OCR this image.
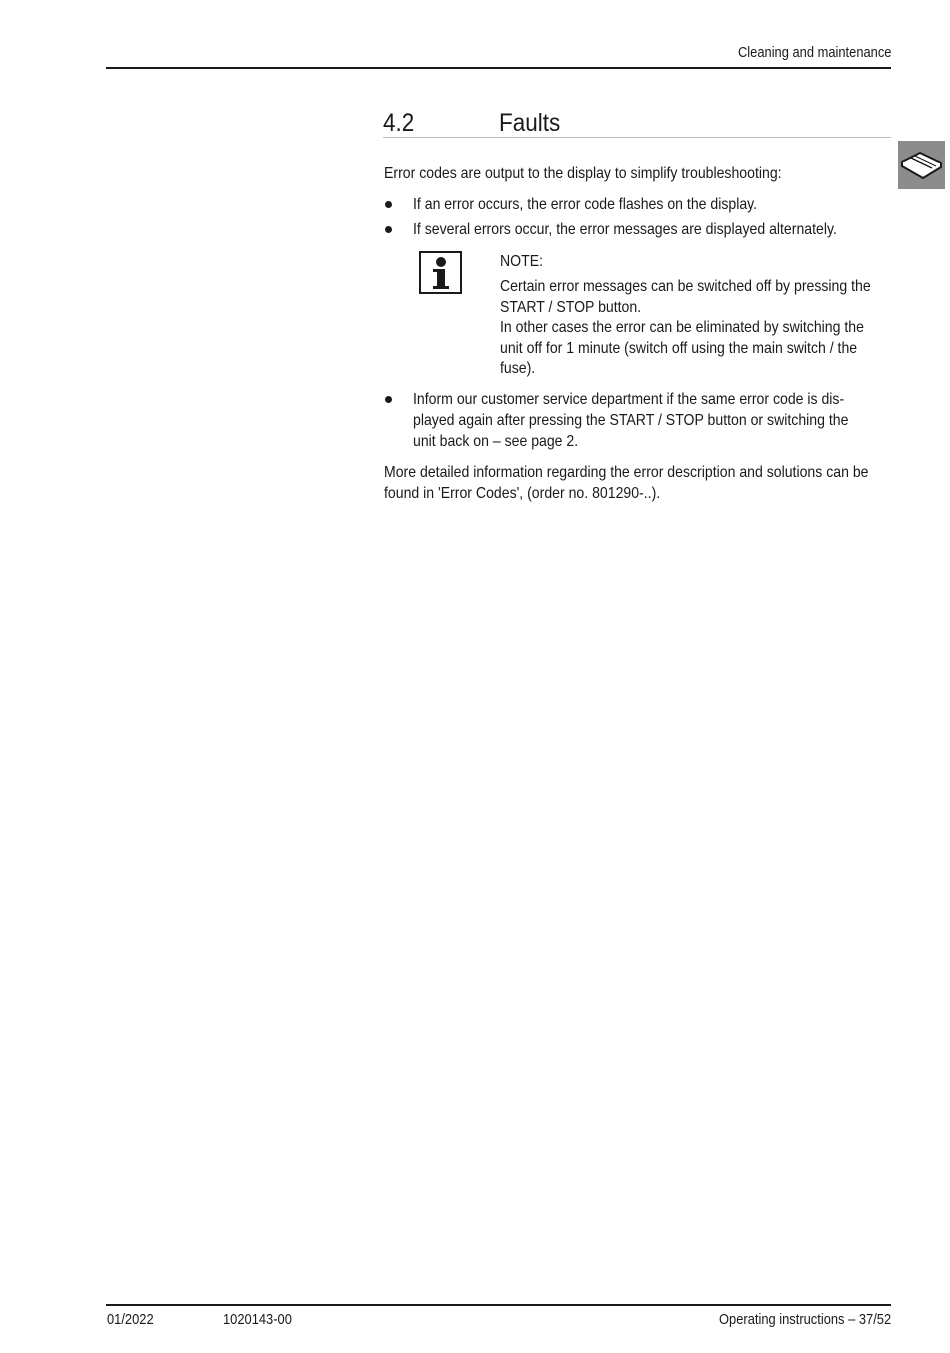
Cleaning and maintenance
4.2	Faults
Error codes are output to the display to simplify troubleshooting:
If an error occurs, the error code flashes on the display.
If several errors occur, the error messages are displayed alternately.
NOTE:
Certain error messages can be switched off by pressing the
START / STOP button.
In other cases the error can be eliminated by switching the
unit off for 1 minute (switch off using the main switch / the
fuse).
Inform our customer service department if the same error code is dis-
played again after pressing the START / STOP button or switching the
unit back on – see page 2.
More detailed information regarding the error description and solutions can be
found in 'Error Codes', (order no. 801290-..).
01/2022	1020143-00	Operating instructions – 37/52
